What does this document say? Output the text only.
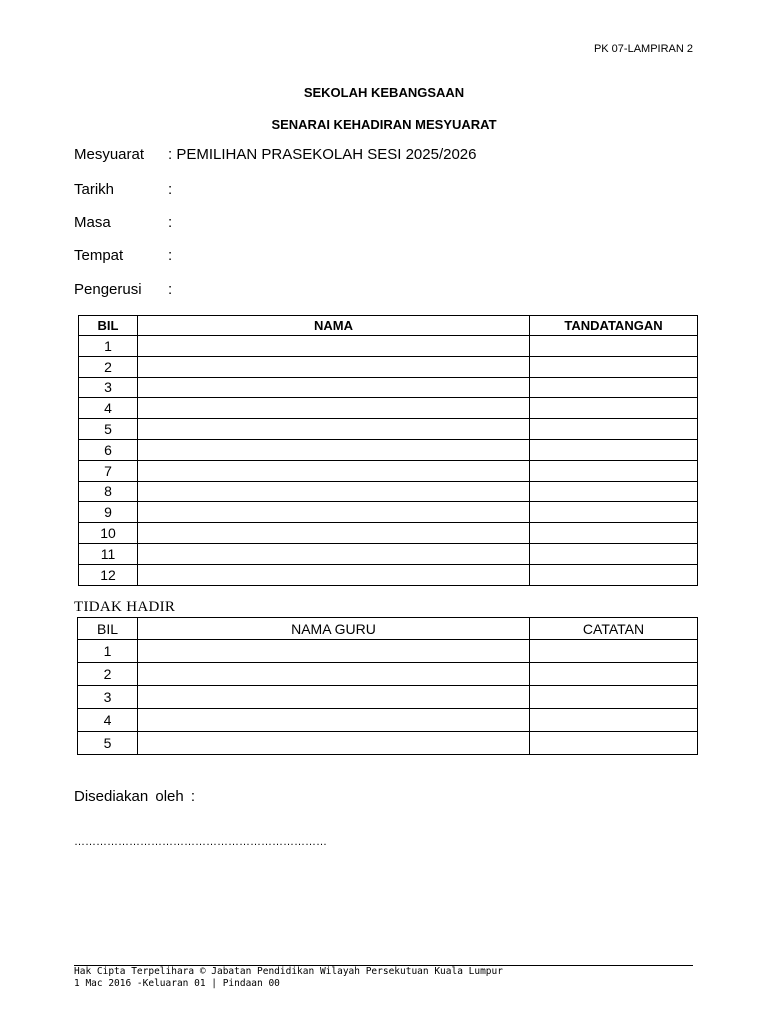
PK 07-LAMPIRAN 2
SEKOLAH KEBANGSAAN
SENARAI KEHADIRAN MESYUARAT
Mesyuarat : PEMILIHAN PRASEKOLAH SESI 2025/2026
Tarikh	:
Masa	:
Tempat	:
Pengerusi :
BIL	NAMA	TANDATANGAN
1		
2		
3		
4		
5		
6		
7		
8		
9		
10		
11		
12		
TIDAK HADIR
BIL	NAMA GURU	CATATAN
1		
2		
3		
4		
5		
Disediakan oleh :
……………………………………………………………
Hak Cipta Terpelihara © Jabatan Pendidikan Wilayah Persekutuan Kuala Lumpur
1 Mac 2016 -Keluaran 01 | Pindaan 00
